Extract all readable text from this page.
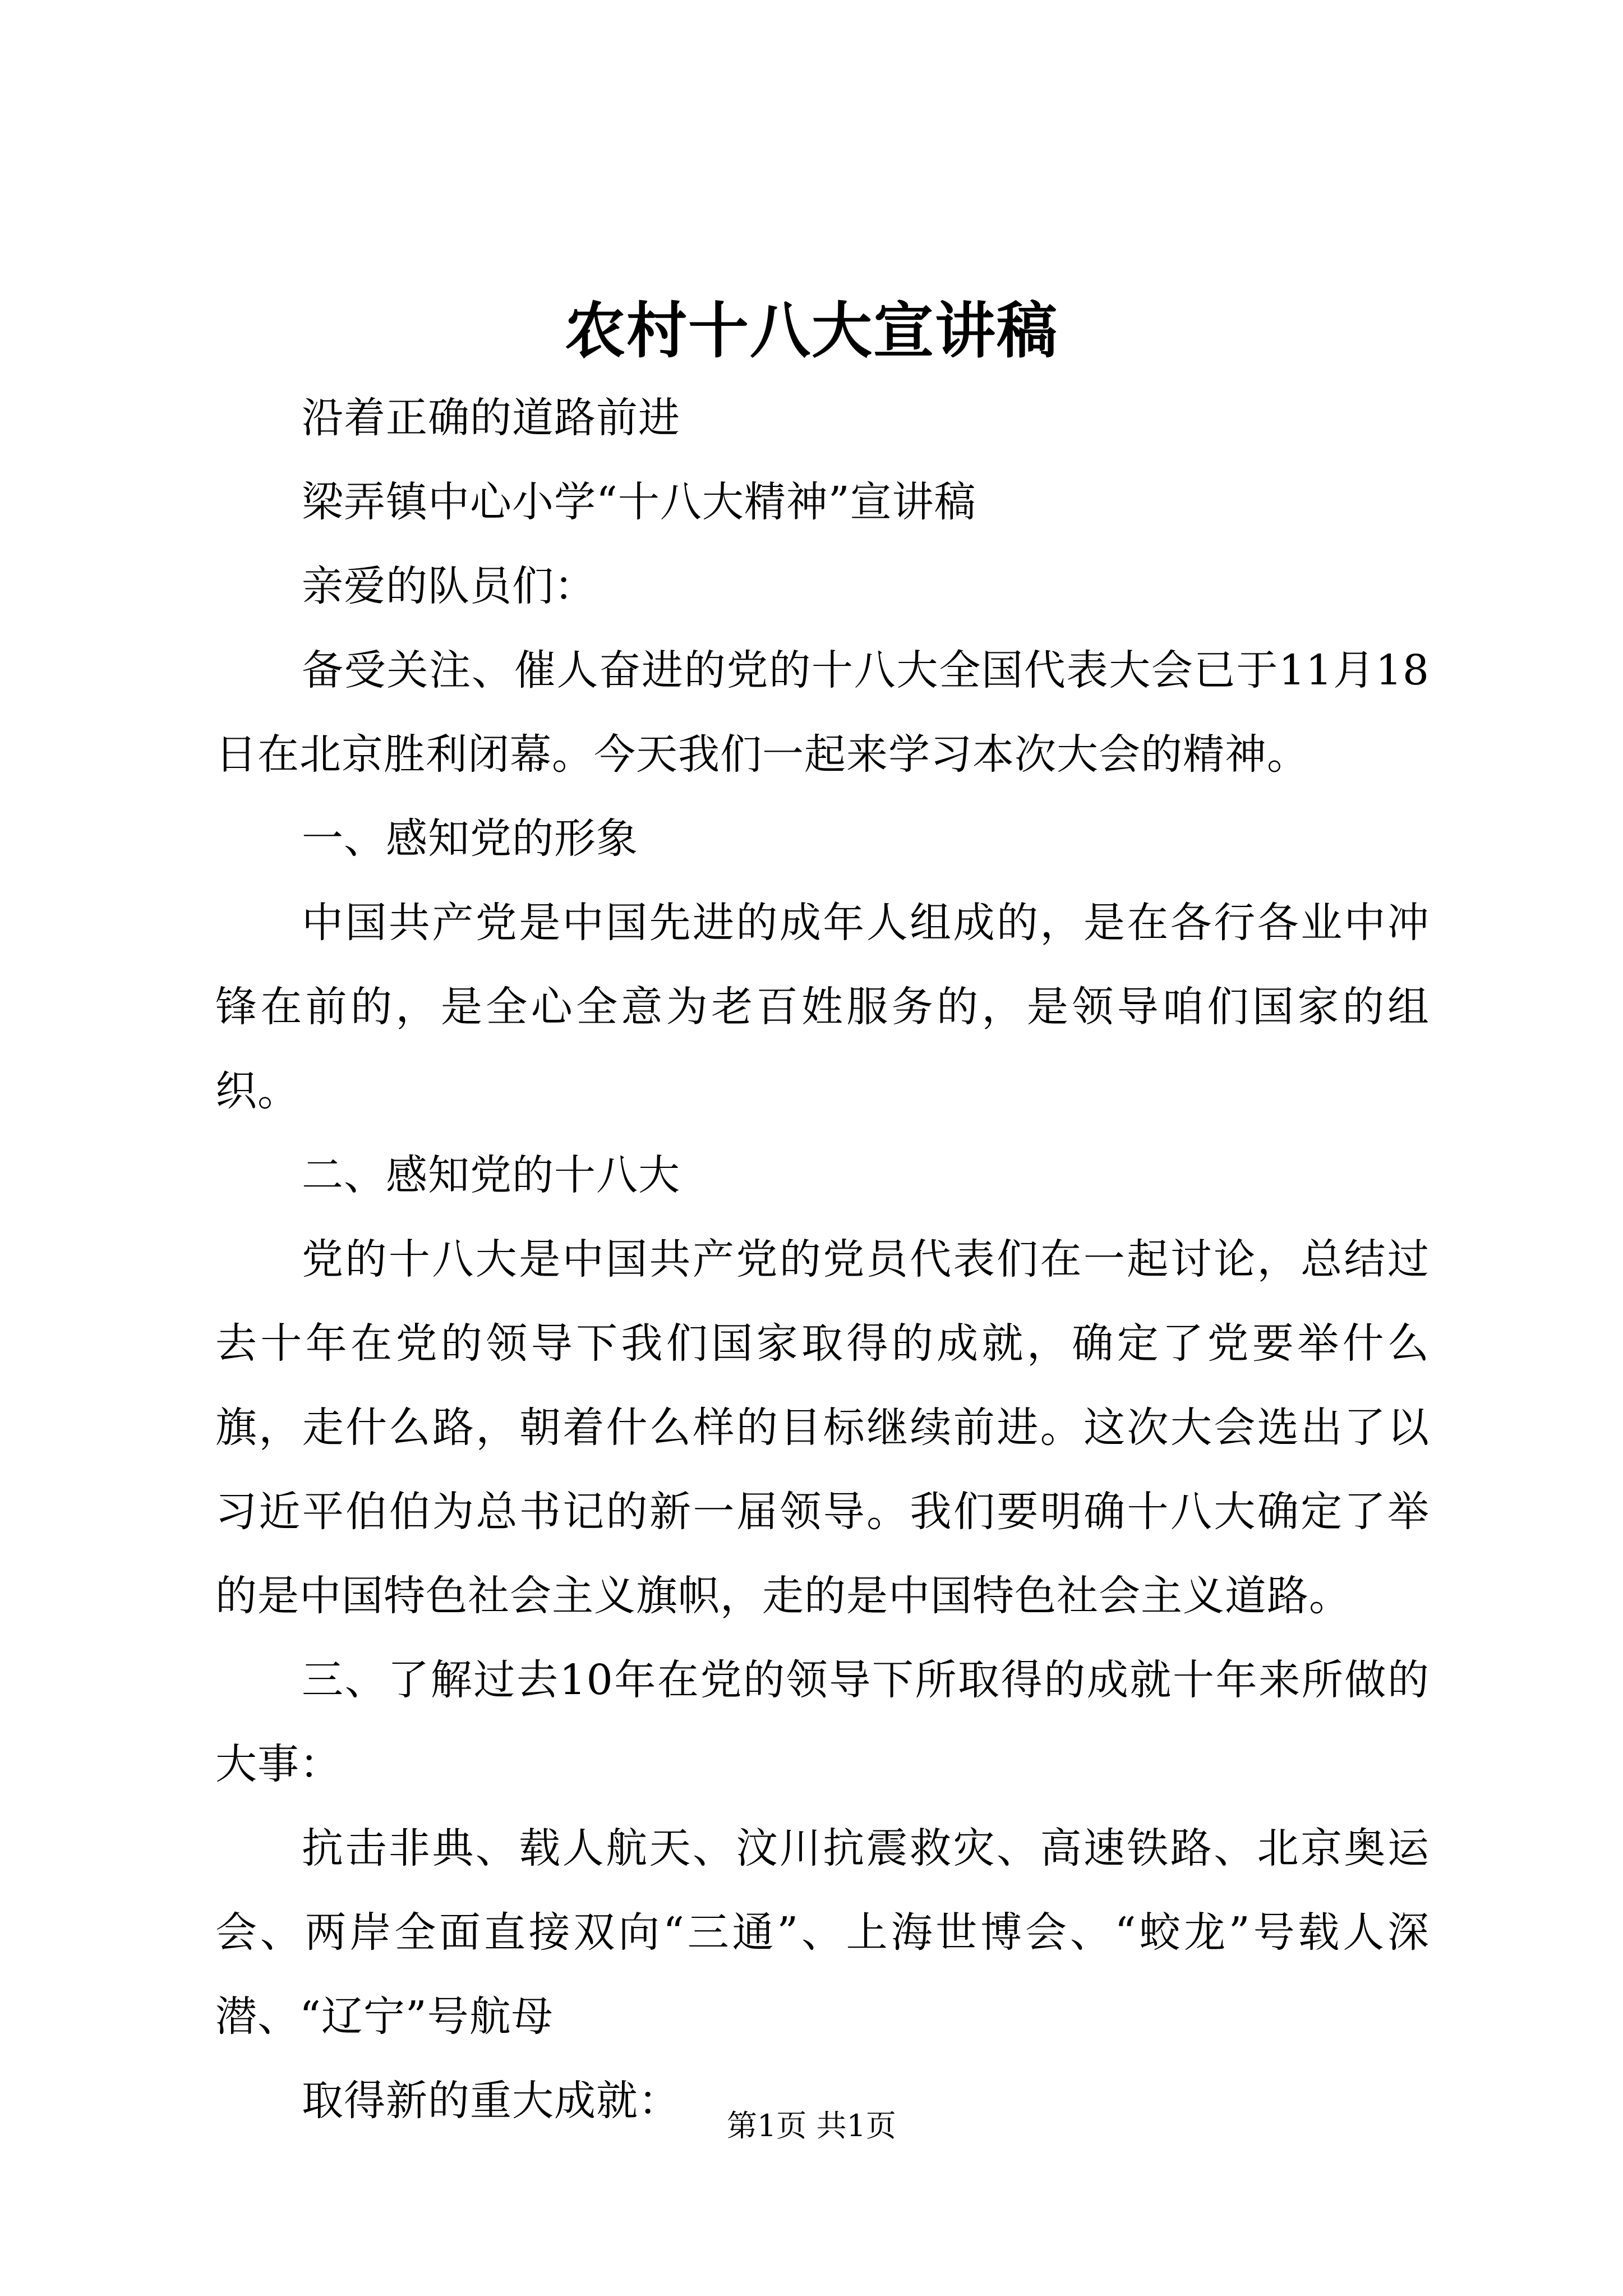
农村十八大宣讲稿

沿着正确的道路前进

梁弄镇中心小学“十八大精神”宣讲稿

亲爱的队员们：

备受关注、催人奋进的党的十八大全国代表大会已于11月18日在北京胜利闭幕。今天我们一起来学习本次大会的精神。

一、感知党的形象

中国共产党是中国先进的成年人组成的，是在各行各业中冲锋在前的，是全心全意为老百姓服务的，是领导咱们国家的组织。

二、感知党的十八大

党的十八大是中国共产党的党员代表们在一起讨论，总结过去十年在党的领导下我们国家取得的成就，确定了党要举什么旗，走什么路，朝着什么样的目标继续前进。这次大会选出了以习近平伯伯为总书记的新一届领导。我们要明确十八大确定了举的是中国特色社会主义旗帜，走的是中国特色社会主义道路。

三、了解过去10年在党的领导下所取得的成就十年来所做的大事：

抗击非典、载人航天、汶川抗震救灾、高速铁路、北京奥运会、两岸全面直接双向“三通”、上海世博会、“蛟龙”号载人深潜、“辽宁”号航母

取得新的重大成就：

第1页 共1页
